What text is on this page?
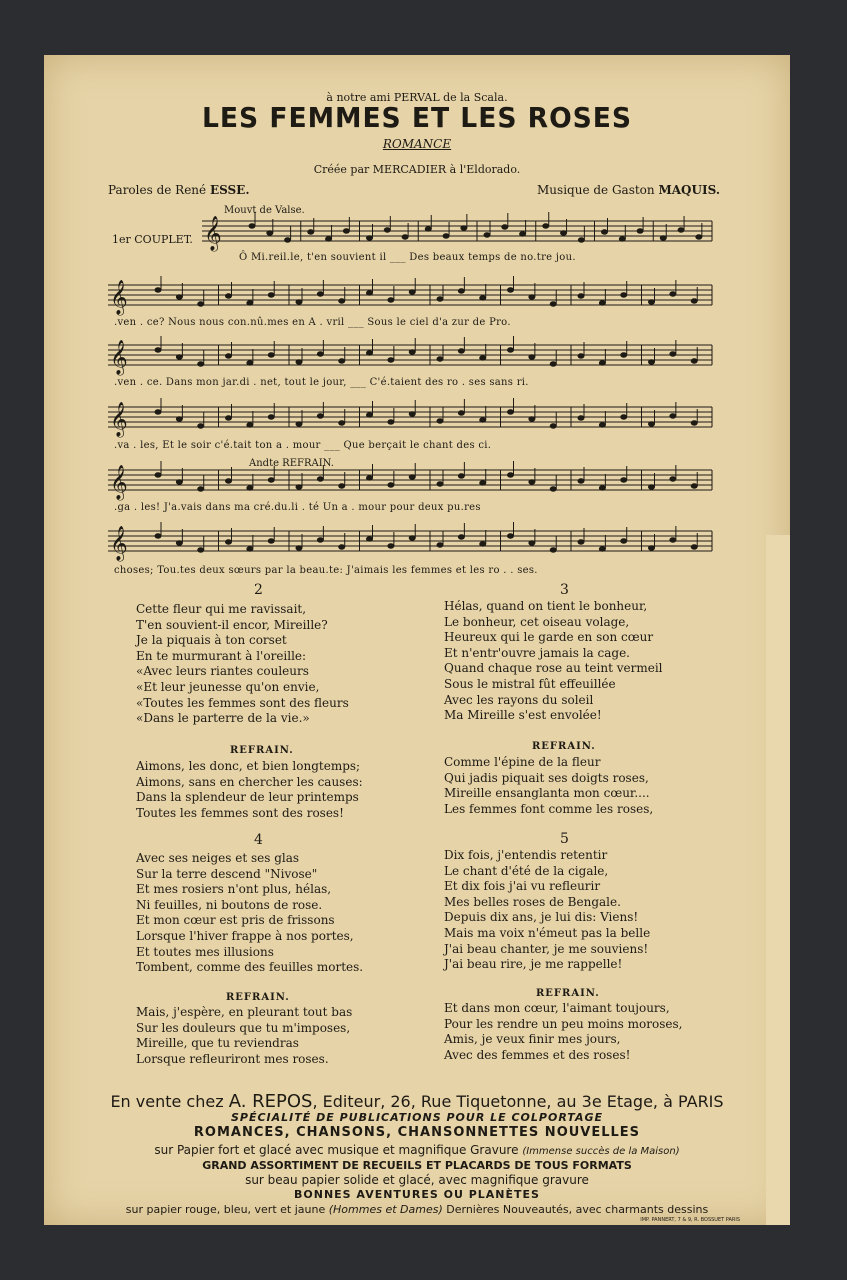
à notre ami PERVAL de la Scala.
LES FEMMES ET LES ROSES
ROMANCE
Créée par MERCADIER à l'Eldorado.
Paroles de René ESSE.	Musique de Gaston MAQUIS.
𝄞
𝄞
𝄞
𝄞
𝄞
𝄞
Mouvt de Valse.
1er COUPLET.
Andte REFRAIN.
Ô Mi.reil.le, t'en souvient il ___ Des beaux temps de no.tre jou.
.ven . ce? Nous nous con.nû.mes en A . vril ___ Sous le ciel d'a zur de Pro.
.ven . ce. Dans mon jar.di . net, tout le jour, ___ C'é.taient des ro . ses sans ri.
.va . les, Et le soir c'é.tait ton a . mour ___ Que berçait le chant des ci.
.ga . les! J'a.vais dans ma cré.du.li . té Un a . mour pour deux pu.res
choses; Tou.tes deux sœurs par la beau.te: J'aimais les femmes et les ro . . ses.
2
Cette fleur qui me ravissait,
T'en souvient-il encor, Mireille?
Je la piquais à ton corset
En te murmurant à l'oreille:
«Avec leurs riantes couleurs
«Et leur jeunesse qu'on envie,
«Toutes les femmes sont des fleurs
«Dans le parterre de la vie.»
REFRAIN.
Aimons, les donc, et bien longtemps;
Aimons, sans en chercher les causes:
Dans la splendeur de leur printemps
Toutes les femmes sont des roses!
3
Hélas, quand on tient le bonheur,
Le bonheur, cet oiseau volage,
Heureux qui le garde en son cœur
Et n'entr'ouvre jamais la cage.
Quand chaque rose au teint vermeil
Sous le mistral fût effeuillée
Avec les rayons du soleil
Ma Mireille s'est envolée!
REFRAIN.
Comme l'épine de la fleur
Qui jadis piquait ses doigts roses,
Mireille ensanglanta mon cœur....
Les femmes font comme les roses,
4
Avec ses neiges et ses glas
Sur la terre descend "Nivose"
Et mes rosiers n'ont plus, hélas,
Ni feuilles, ni boutons de rose.
Et mon cœur est pris de frissons
Lorsque l'hiver frappe à nos portes,
Et toutes mes illusions
Tombent, comme des feuilles mortes.
REFRAIN.
Mais, j'espère, en pleurant tout bas
Sur les douleurs que tu m'imposes,
Mireille, que tu reviendras
Lorsque refleuriront mes roses.
5
Dix fois, j'entendis retentir
Le chant d'été de la cigale,
Et dix fois j'ai vu refleurir
Mes belles roses de Bengale.
Depuis dix ans, je lui dis: Viens!
Mais ma voix n'émeut pas la belle
J'ai beau chanter, je me souviens!
J'ai beau rire, je me rappelle!
REFRAIN.
Et dans mon cœur, l'aimant toujours,
Pour les rendre un peu moins moroses,
Amis, je veux finir mes jours,
Avec des femmes et des roses!
En vente chez A. REPOS, Editeur, 26, Rue Tiquetonne, au 3e Etage, à PARIS
SPÉCIALITÉ DE PUBLICATIONS POUR LE COLPORTAGE
ROMANCES, CHANSONS, CHANSONNETTES NOUVELLES
sur Papier fort et glacé avec musique et magnifique Gravure (Immense succès de la Maison)
GRAND ASSORTIMENT DE RECUEILS ET PLACARDS DE TOUS FORMATS
sur beau papier solide et glacé, avec magnifique gravure
BONNES AVENTURES OU PLANÈTES
sur papier rouge, bleu, vert et jaune (Hommes et Dames) Dernières Nouveautés, avec charmants dessins
IMP. PANNERT, 7 & 9, R. BOSSUET PARIS
